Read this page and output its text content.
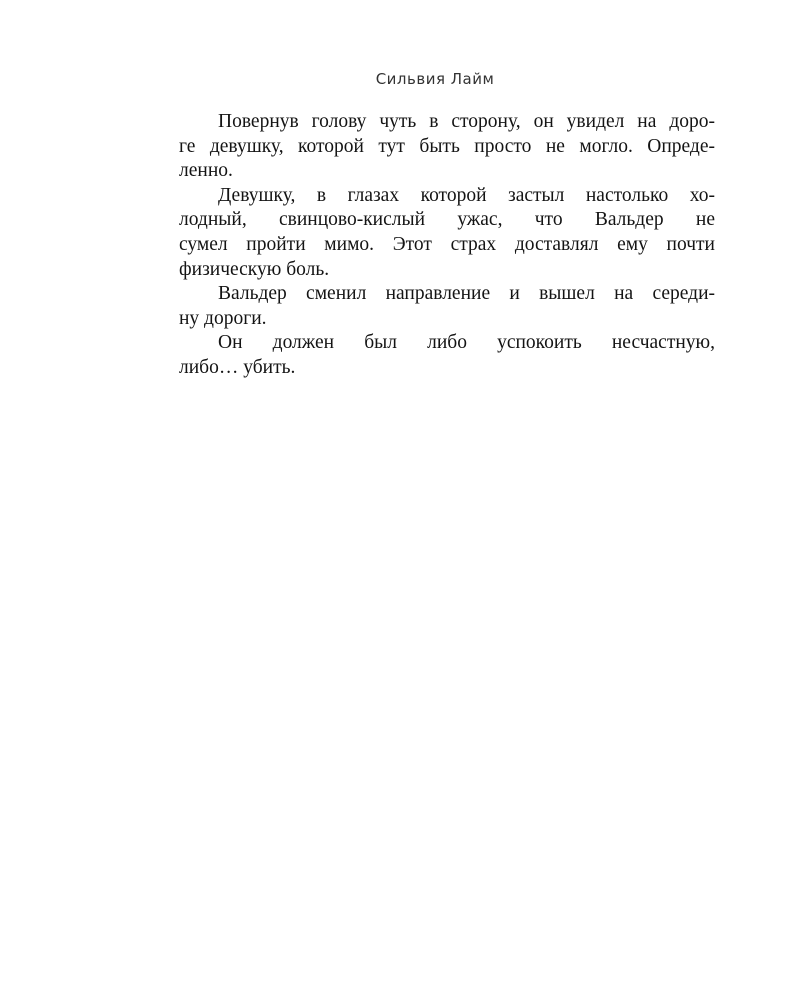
Сильвия Лайм
Повернув голову чуть в сторону, он увидел на доро-
ге девушку, которой тут быть просто не могло. Опреде-
ленно.
Девушку, в глазах которой застыл настолько хо-
лодный, свинцово-кислый ужас, что Вальдер не
сумел пройти мимо. Этот страх доставлял ему почти
физическую боль.
Вальдер сменил направление и вышел на середи-
ну дороги.
Он должен был либо успокоить несчастную,
либо… убить.
